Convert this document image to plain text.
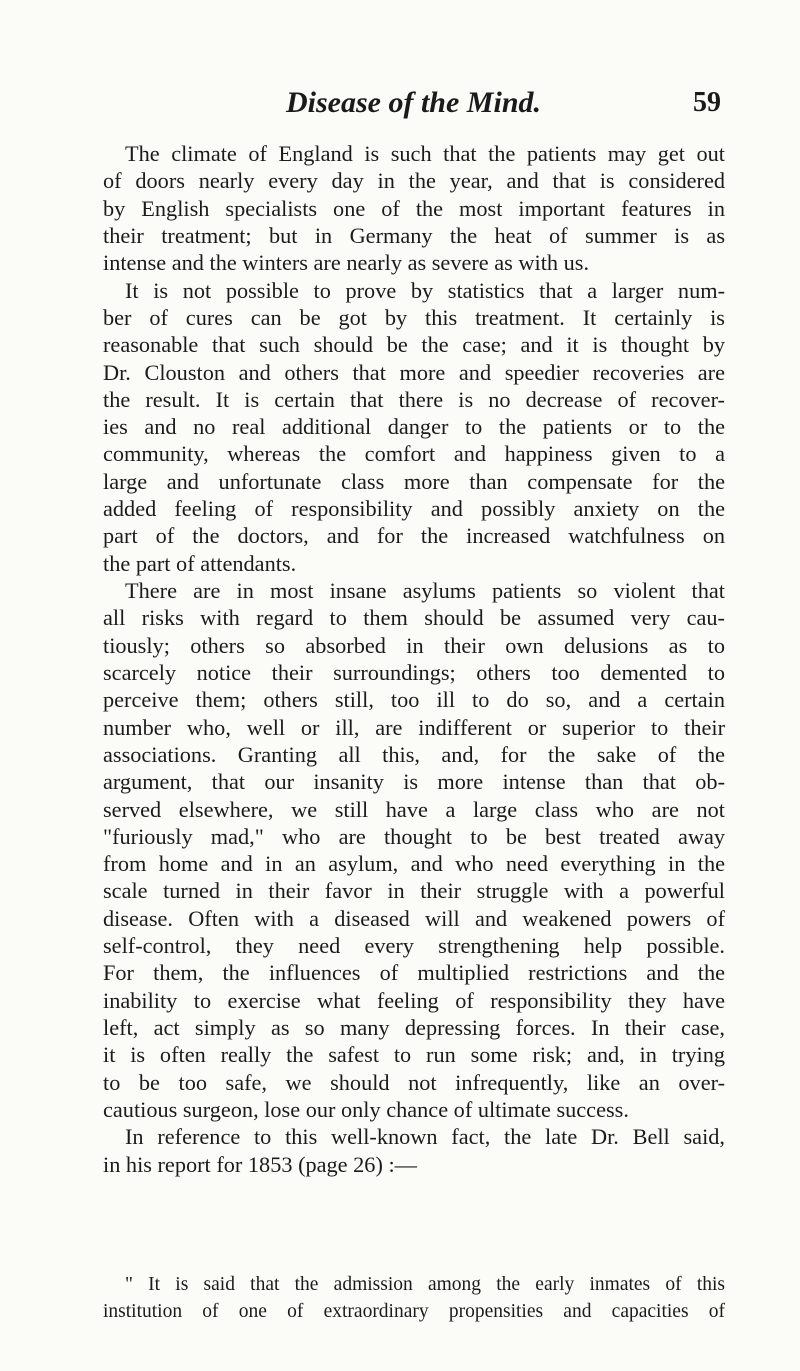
Disease of the Mind.	59
The climate of England is such that the patients may get out
of doors nearly every day in the year, and that is considered
by English specialists one of the most important features in
their treatment; but in Germany the heat of summer is as
intense and the winters are nearly as severe as with us.
It is not possible to prove by statistics that a larger num-
ber of cures can be got by this treatment. It certainly is
reasonable that such should be the case; and it is thought by
Dr. Clouston and others that more and speedier recoveries are
the result. It is certain that there is no decrease of recover-
ies and no real additional danger to the patients or to the
community, whereas the comfort and happiness given to a
large and unfortunate class more than compensate for the
added feeling of responsibility and possibly anxiety on the
part of the doctors, and for the increased watchfulness on
the part of attendants.
There are in most insane asylums patients so violent that
all risks with regard to them should be assumed very cau-
tiously; others so absorbed in their own delusions as to
scarcely notice their surroundings; others too demented to
perceive them; others still, too ill to do so, and a certain
number who, well or ill, are indifferent or superior to their
associations. Granting all this, and, for the sake of the
argument, that our insanity is more intense than that ob-
served elsewhere, we still have a large class who are not
"furiously mad," who are thought to be best treated away
from home and in an asylum, and who need everything in the
scale turned in their favor in their struggle with a powerful
disease. Often with a diseased will and weakened powers of
self-control, they need every strengthening help possible.
For them, the influences of multiplied restrictions and the
inability to exercise what feeling of responsibility they have
left, act simply as so many depressing forces. In their case,
it is often really the safest to run some risk; and, in trying
to be too safe, we should not infrequently, like an over-
cautious surgeon, lose our only chance of ultimate success.
In reference to this well-known fact, the late Dr. Bell said,
in his report for 1853 (page 26) :—
" It is said that the admission among the early inmates of this
institution of one of extraordinary propensities and capacities of
